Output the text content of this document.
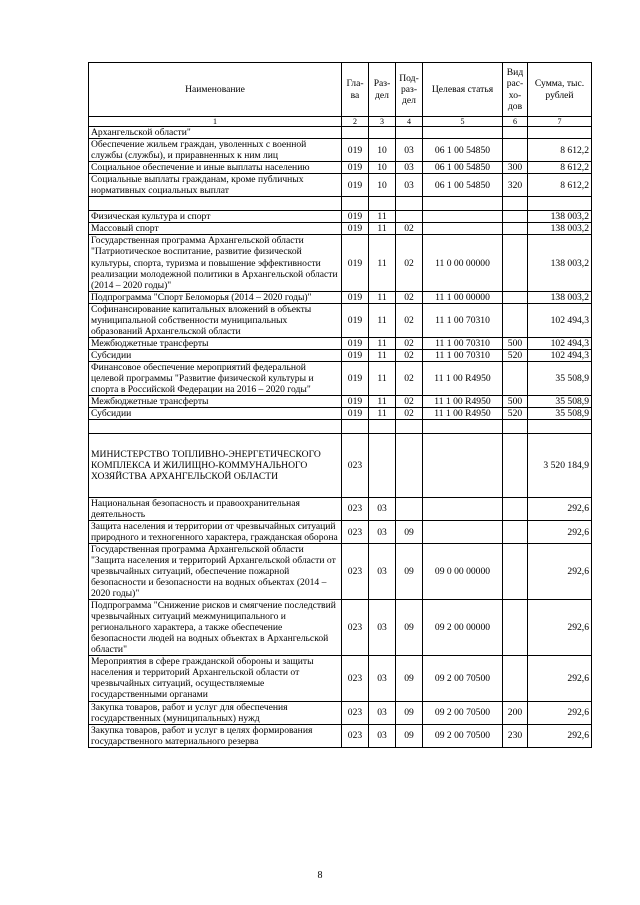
Наименование	Гла-ва	Раз-дел	Под-раз-дел	Целевая статья	Вид рас-хо-дов	Сумма, тыс. рублей
1	2	3	4	5	6	7
Архангельской области"						
Обеспечение жильем граждан, уволенных с военной службы (службы), и приравненных к ним лиц	019	10	03	06 1 00 54850		8 612,2
Социальное обеспечение и иные выплаты населению	019	10	03	06 1 00 54850	300	8 612,2
Социальные выплаты гражданам, кроме публичных нормативных социальных выплат	019	10	03	06 1 00 54850	320	8 612,2

Физическая культура и спорт	019	11				138 003,2
Массовый спорт	019	11	02			138 003,2
Государственная программа Архангельской области "Патриотическое воспитание, развитие физической культуры, спорта, туризма и повышение эффективности реализации молодежной политики в Архангельской области (2014 – 2020 годы)"	019	11	02	11 0 00 00000		138 003,2
Подпрограмма "Спорт Беломорья (2014 – 2020 годы)"	019	11	02	11 1 00 00000		138 003,2
Софинансирование капитальных вложений в объекты муниципальной собственности муниципальных образований Архангельской области	019	11	02	11 1 00 70310		102 494,3
Межбюджетные трансферты	019	11	02	11 1 00 70310	500	102 494,3
Субсидии	019	11	02	11 1 00 70310	520	102 494,3
Финансовое обеспечение мероприятий федеральной целевой программы "Развитие физической культуры и спорта в Российской Федерации на 2016 – 2020 годы"	019	11	02	11 1 00 R4950		35 508,9
Межбюджетные трансферты	019	11	02	11 1 00 R4950	500	35 508,9
Субсидии	019	11	02	11 1 00 R4950	520	35 508,9

МИНИСТЕРСТВО ТОПЛИВНО-ЭНЕРГЕТИЧЕСКОГО КОМПЛЕКСА И ЖИЛИЩНО-КОММУНАЛЬНОГО ХОЗЯЙСТВА АРХАНГЕЛЬСКОЙ ОБЛАСТИ	023					3 520 184,9
Национальная безопасность и правоохранительная деятельность	023	03				292,6
Защита населения и территории от чрезвычайных ситуаций природного и техногенного характера, гражданская оборона	023	03	09			292,6
Государственная программа Архангельской области "Защита населения и территорий Архангельской области от чрезвычайных ситуаций, обеспечение пожарной безопасности и безопасности на водных объектах (2014 – 2020 годы)"	023	03	09	09 0 00 00000		292,6
Подпрограмма "Снижение рисков и смягчение последствий чрезвычайных ситуаций межмуниципального и регионального характера, а также обеспечение безопасности людей на водных объектах в Архангельской области"	023	03	09	09 2 00 00000		292,6
Мероприятия в сфере гражданской обороны и защиты населения и территорий Архангельской области от чрезвычайных ситуаций, осуществляемые государственными органами	023	03	09	09 2 00 70500		292,6
Закупка товаров, работ и услуг для обеспечения государственных (муниципальных) нужд	023	03	09	09 2 00 70500	200	292,6
Закупка товаров, работ и услуг в целях формирования государственного материального резерва	023	03	09	09 2 00 70500	230	292,6
8
